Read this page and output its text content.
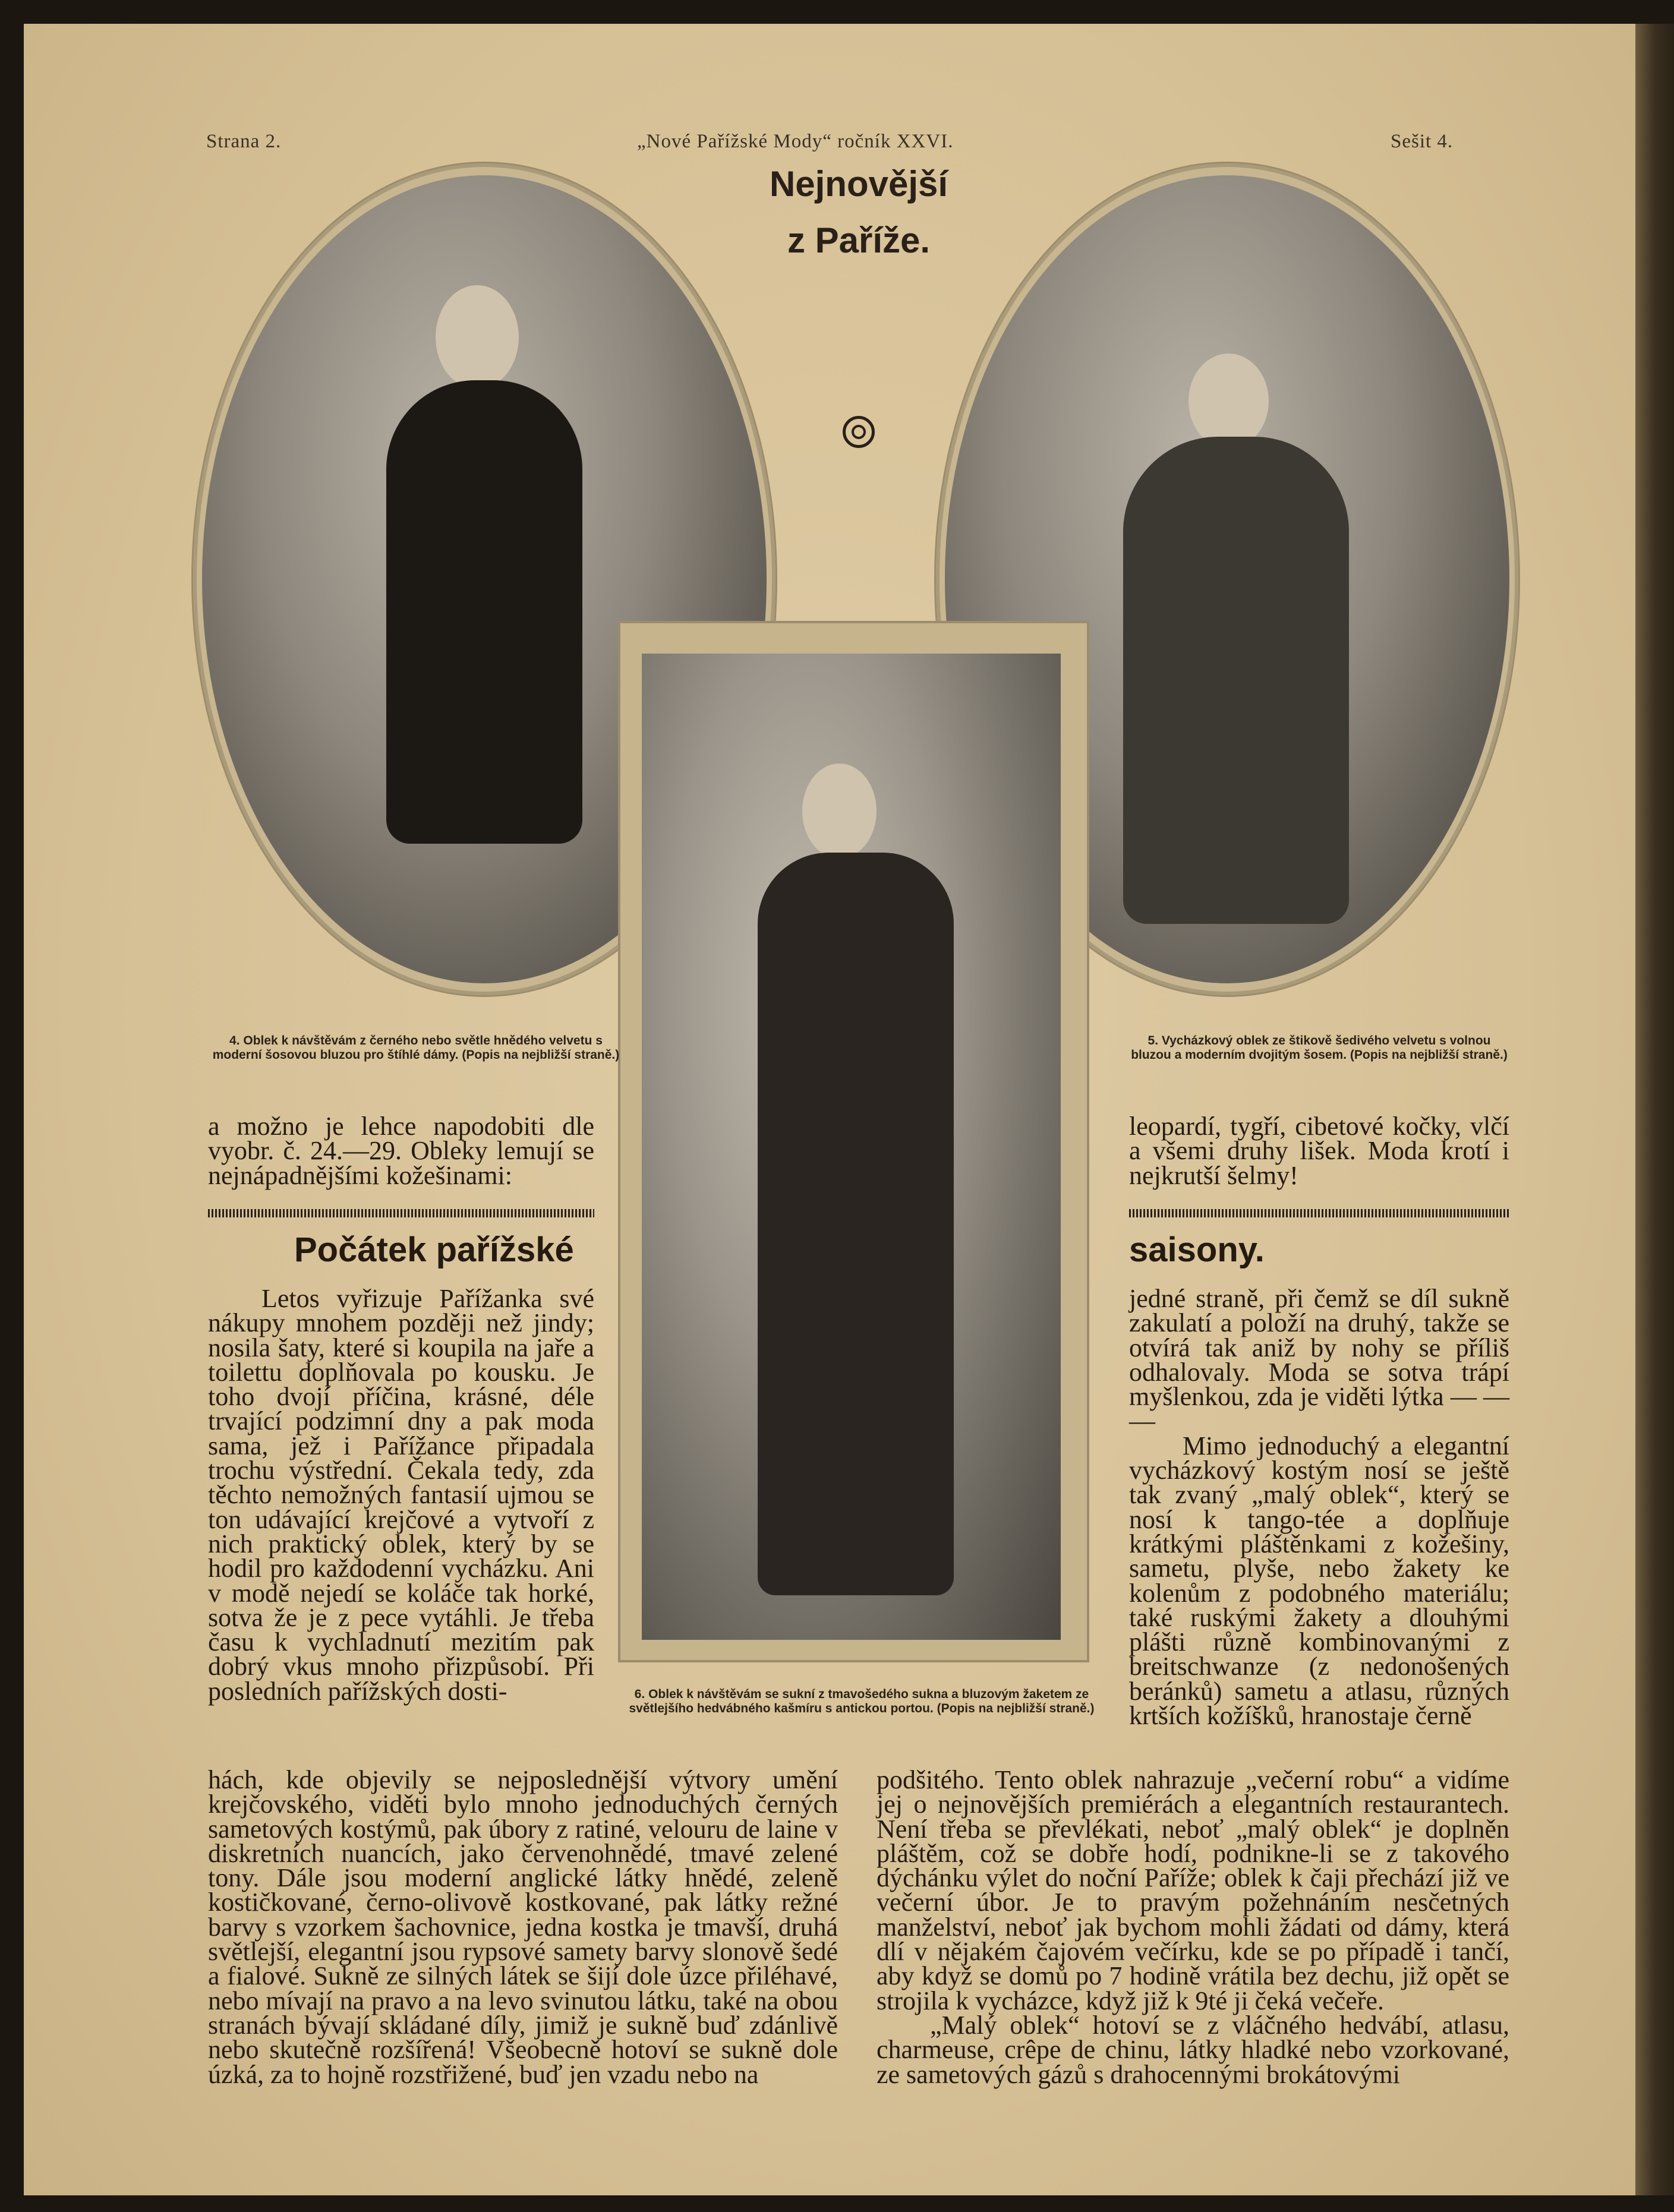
Strana 2.	„Nové Pařížské Mody“ ročník XXVI.	Sešit 4.
Nejnovější
z Paříže.
4. Oblek k návštěvám z černého nebo světle hnědého velvetu s moderní šosovou bluzou pro štíhlé dámy. (Popis na nejbližší straně.)
6. Oblek k návštěvám se sukní z tmavošedého sukna a bluzovým žaketem ze světlejšího hedvábného kašmíru s antickou portou. (Popis na nejbližší straně.)
5. Vycházkový oblek ze štikově šedivého velvetu s volnou bluzou a moderním dvojitým šosem. (Popis na nejbližší straně.)
a možno je lehce napodobiti dle vyobr. č. 24.—29. Obleky lemují se nejnápadnějšími kožešinami:
leopardí, tygří, cibetové kočky, vlčí a všemi druhy lišek. Moda krotí i nejkrutší šelmy!
Počátek pařížské	saisony.
Letos vyřizuje Pařížanka své nákupy mnohem později než jindy; nosila šaty, které si koupila na jaře a toilettu doplňovala po kousku. Je toho dvojí příčina, krásné, déle trvající podzimní dny a pak moda sama, jež i Pařížance připadala trochu výstřední. Čekala tedy, zda těchto nemožných fantasií ujmou se ton udávající krejčové a vytvoří z nich praktický oblek, který by se hodil pro každodenní vycházku. Ani v modě nejedí se koláče tak horké, sotva že je z pece vytáhli. Je třeba času k vychladnutí mezitím pak dobrý vkus mnoho přizpůsobí. Při posledních pařížských dosti-

jedné straně, při čemž se díl sukně zakulatí a položí na druhý, takže se otvírá tak aniž by nohy se příliš odhalovaly. Moda se sotva trápí myšlenkou, zda je viděti lýtka — — —

Mimo jednoduchý a elegantní vycházkový kostým nosí se ještě tak zvaný „malý oblek“, který se nosí k tango-tée a doplňuje krátkými pláštěnkami z kožešiny, sametu, plyše, nebo žakety ke kolenům z podobného materiálu; také ruskými žakety a dlouhými plášti různě kombinovanými z breitschwanze (z nedonošených beránků) sametu a atlasu, různých krtších kožíšků, hranostaje černě

hách, kde objevily se nejposlednější výtvory umění krejčovského, viděti bylo mnoho jednoduchých černých sametových kostýmů, pak úbory z ratiné, velouru de laine v diskretních nuancích, jako červenohnědé, tmavé zelené tony. Dále jsou moderní anglické látky hnědé, zeleně kostičkované, černo-olivově kostkované, pak látky režné barvy s vzorkem šachovnice, jedna kostka je tmavší, druhá světlejší, elegantní jsou rypsové samety barvy slonově šedé a fialové. Sukně ze silných látek se šijí dole úzce přiléhavé, nebo mívají na pravo a na levo svinutou látku, také na obou stranách bývají skládané díly, jimiž je sukně buď zdánlivě nebo skutečně rozšířená! Všeobecně hotoví se sukně dole úzká, za to hojně rozstřižené, buď jen vzadu nebo na

podšitého. Tento oblek nahrazuje „večerní robu“ a vidíme jej o nejnovějších premiérách a elegantních restaurantech. Není třeba se převlékati, neboť „malý oblek“ je doplněn pláštěm, což se dobře hodí, podnikne-li se z takového dýchánku výlet do noční Paříže; oblek k čaji přechází již ve večerní úbor. Je to pravým požehnáním nesčetných manželství, neboť jak bychom mohli žádati od dámy, která dlí v nějakém čajovém večírku, kde se po případě i tančí, aby když se domů po 7 hodině vrátila bez dechu, již opět se strojila k vycházce, když již k 9té ji čeká večeře.

„Malý oblek“ hotoví se z vláčného hedvábí, atlasu, charmeuse, crêpe de chinu, látky hladké nebo vzorkované, ze sametových gázů s drahocennými brokátovými
